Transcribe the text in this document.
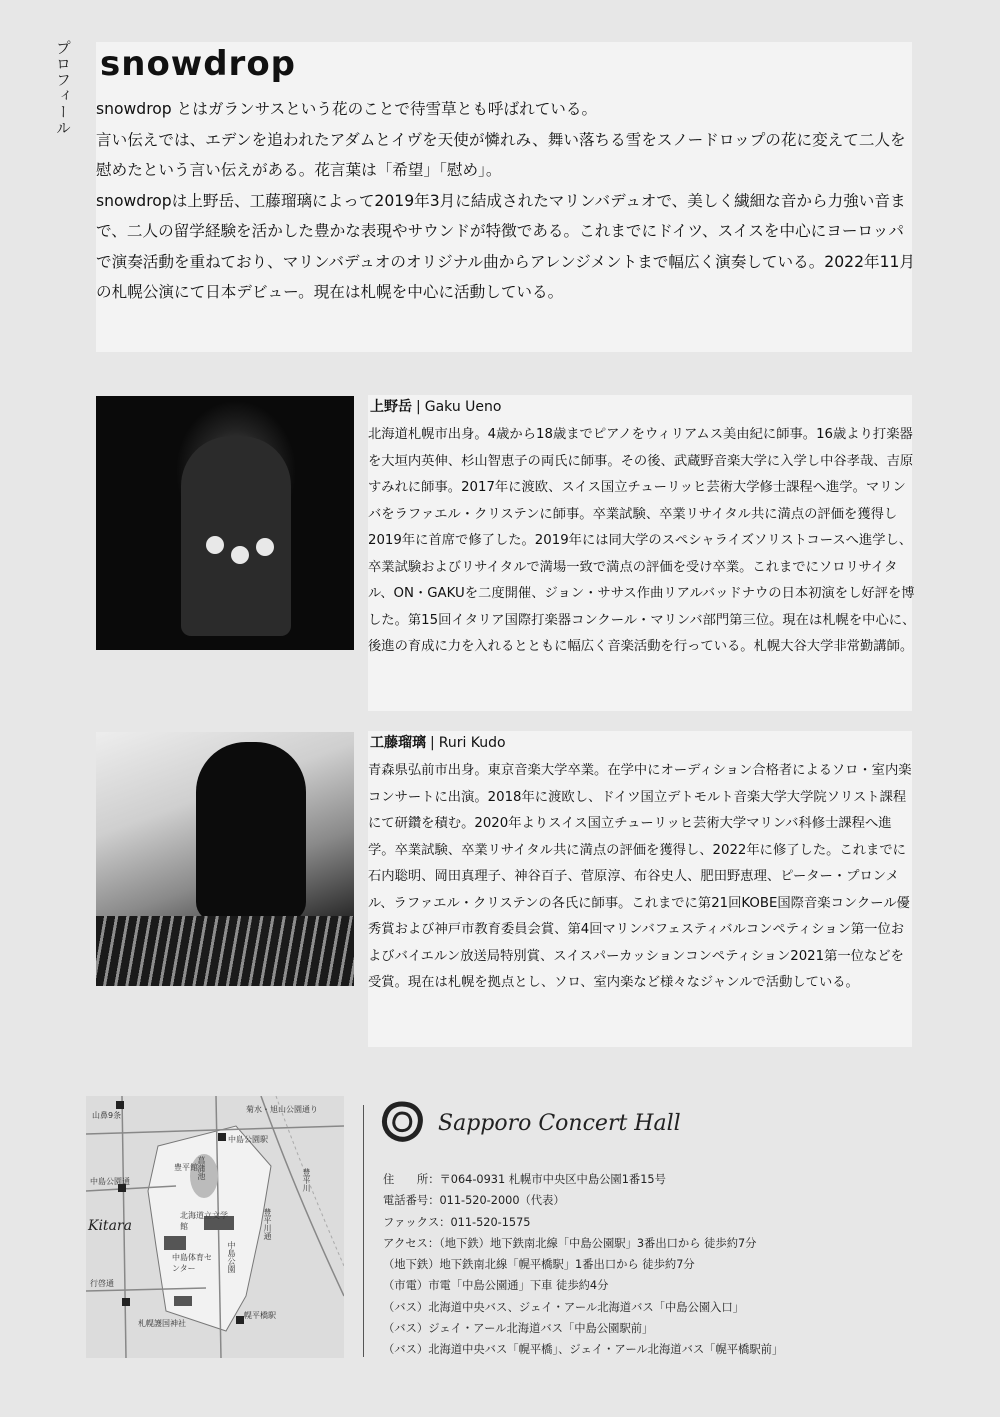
プロフィール snowdrop

snowdrop とはガランサスという花のことで待雪草とも呼ばれている。

言い伝えでは、エデンを追われたアダムとイヴを天使が憐れみ、舞い落ちる雪をスノードロップの花に変えて二人を慰めたという言い伝えがある。花言葉は「希望」「慰め」。

snowdropは上野岳、工藤瑠璃によって2019年3月に結成されたマリンバデュオで、美しく繊細な音から力強い音まで、二人の留学経験を活かした豊かな表現やサウンドが特徴である。これまでにドイツ、スイスを中心にヨーロッパで演奏活動を重ねており、マリンバデュオのオリジナル曲からアレンジメントまで幅広く演奏している。2022年11月の札幌公演にて日本デビュー。現在は札幌を中心に活動している。

上野岳 | Gaku Ueno

北海道札幌市出身。4歳から18歳までピアノをウィリアムス美由紀に師事。16歳より打楽器を大垣内英伸、杉山智恵子の両氏に師事。その後、武蔵野音楽大学に入学し中谷孝哉、吉原すみれに師事。2017年に渡欧、スイス国立チューリッヒ芸術大学修士課程へ進学。マリンバをラファエル・クリステンに師事。卒業試験、卒業リサイタル共に満点の評価を獲得し2019年に首席で修了した。2019年には同大学のスペシャライズソリストコースへ進学し、卒業試験およびリサイタルで満場一致で満点の評価を受け卒業。これまでにソロリサイタル、ON・GAKUを二度開催、ジョン・ササス作曲リアルバッドナウの日本初演をし好評を博した。第15回イタリア国際打楽器コンクール・マリンバ部門第三位。現在は札幌を中心に、後進の育成に力を入れるとともに幅広く音楽活動を行っている。札幌大谷大学非常勤講師。

工藤瑠璃 | Ruri Kudo

青森県弘前市出身。東京音楽大学卒業。在学中にオーディション合格者によるソロ・室内楽コンサートに出演。2018年に渡欧し、ドイツ国立デトモルト音楽大学大学院ソリスト課程にて研鑽を積む。2020年よりスイス国立チューリッヒ芸術大学マリンバ科修士課程へ進学。卒業試験、卒業リサイタル共に満点の評価を獲得し、2022年に修了した。これまでに石内聡明、岡田真理子、神谷百子、菅原淳、布谷史人、肥田野恵理、ピーター・プロンメル、ラファエル・クリステンの各氏に師事。これまでに第21回KOBE国際音楽コンクール優秀賞および神戸市教育委員会賞、第4回マリンバフェスティバルコンペティション第一位およびバイエルン放送局特別賞、スイスパーカッションコンペティション2021第一位などを受賞。現在は札幌を拠点とし、ソロ、室内楽など様々なジャンルで活動している。

山鼻9条
中島公園駅
豊平館
中島公園通
北海道立文学館
中島体育センター	中島公園
行啓通
札幌護国神社
幌平橋駅
豊平川通
菊水・旭山公園通り
菖蒲池	豊平川
Kitara
Sapporo Concert Hall
住　　所：〒064-0931 札幌市中央区中島公園1番15号
電話番号：011-520-2000（代表）
ファックス：011-520-1575
アクセス：（地下鉄）地下鉄南北線「中島公園駅」3番出口から 徒歩約7分
（地下鉄）地下鉄南北線「幌平橋駅」1番出口から 徒歩約7分
（市電）市電「中島公園通」下車 徒歩約4分
（バス）北海道中央バス、ジェイ・アール北海道バス「中島公園入口」
（バス）ジェイ・アール北海道バス「中島公園駅前」
（バス）北海道中央バス「幌平橋」、ジェイ・アール北海道バス「幌平橋駅前」
